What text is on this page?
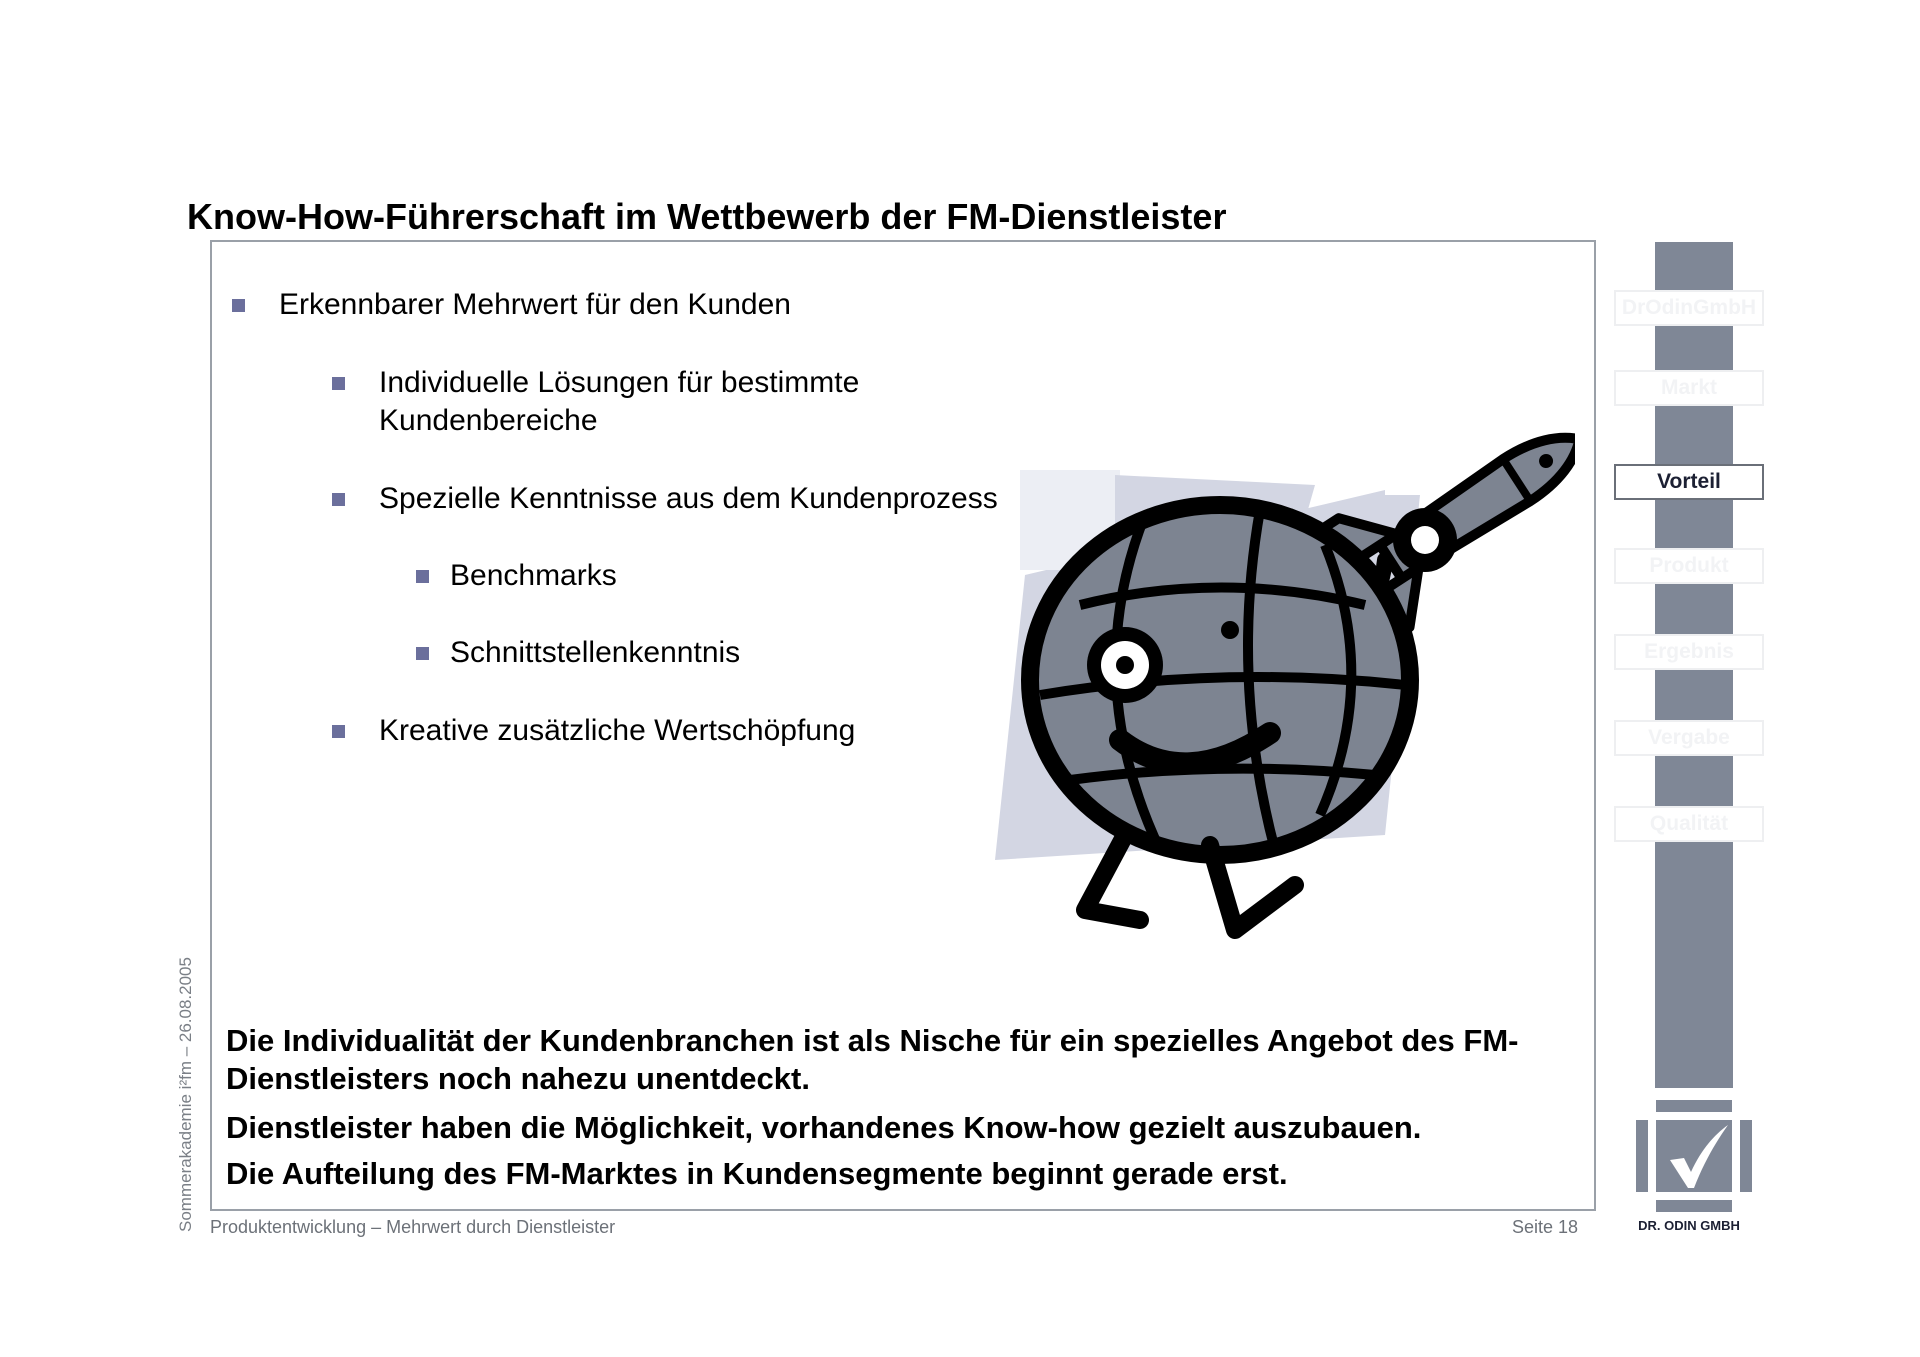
Know-How-Führerschaft im Wettbewerb der FM-Dienstleister
Erkennbarer Mehrwert für den Kunden
Individuelle Lösungen für bestimmte
Kundenbereiche
Spezielle Kenntnisse aus dem Kundenprozess
Benchmarks
Schnittstellenkenntnis
Kreative zusätzliche Wertschöpfung
Die Individualität der Kundenbranchen ist als Nische für ein spezielles Angebot des FM-
Dienstleisters noch nahezu unentdeckt.
Dienstleister haben die Möglichkeit, vorhandenes Know-how gezielt auszubauen.
Die Aufteilung des FM-Marktes in Kundensegmente beginnt gerade erst.
Sommerakademie i²fm – 26.08.2005 Produktentwicklung – Mehrwert durch Dienstleister	Seite 18
DrOdinGmbH
Markt
Vorteil
Produkt
Ergebnis
Vergabe
Qualität
DR. ODIN GMBH
